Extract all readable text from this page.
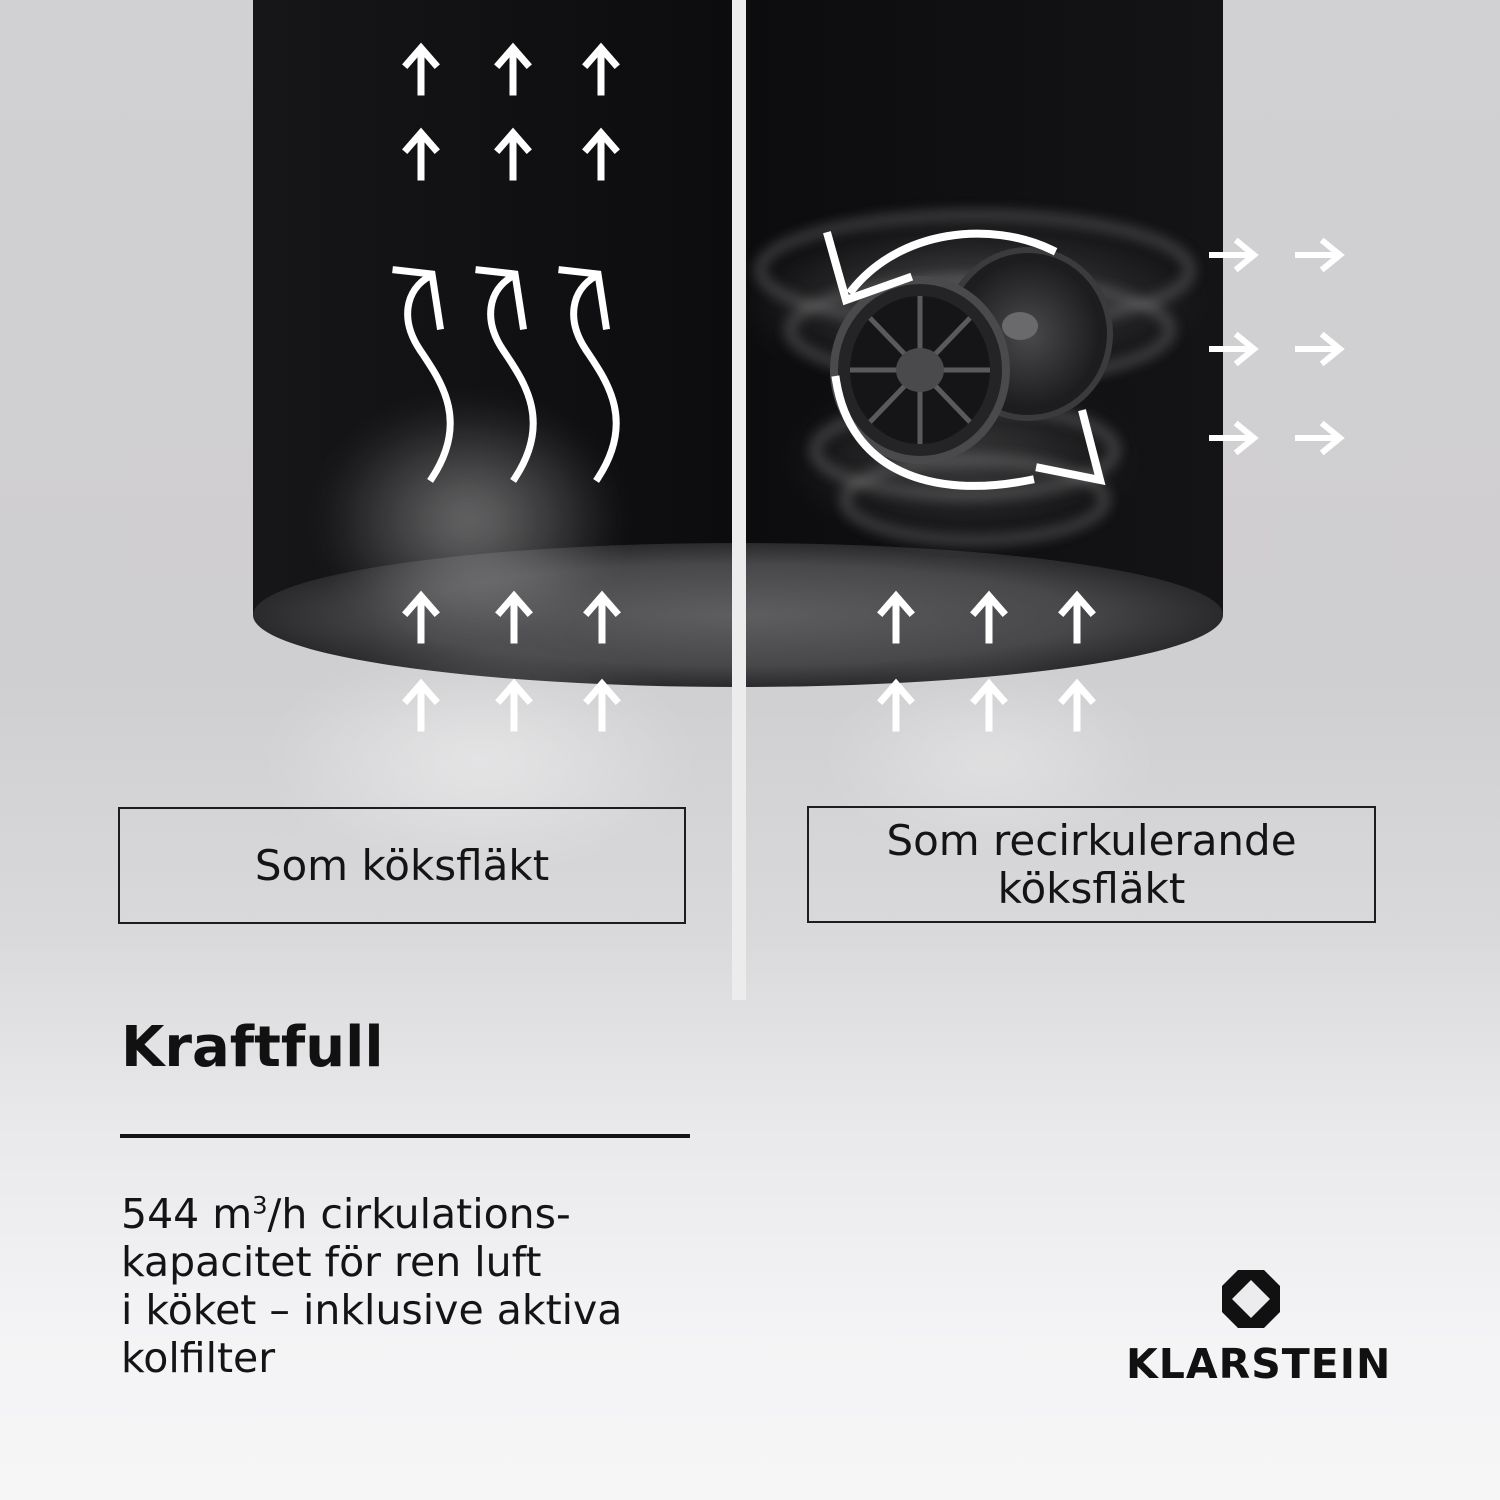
Som köksfläkt
Som recirkulerande
köksfläkt
Kraftfull

544 $m^3/h$ cirkulations-
kapacitet för ren luft
i köket – inklusive aktiva
kolfilter	KLARSTEIN
